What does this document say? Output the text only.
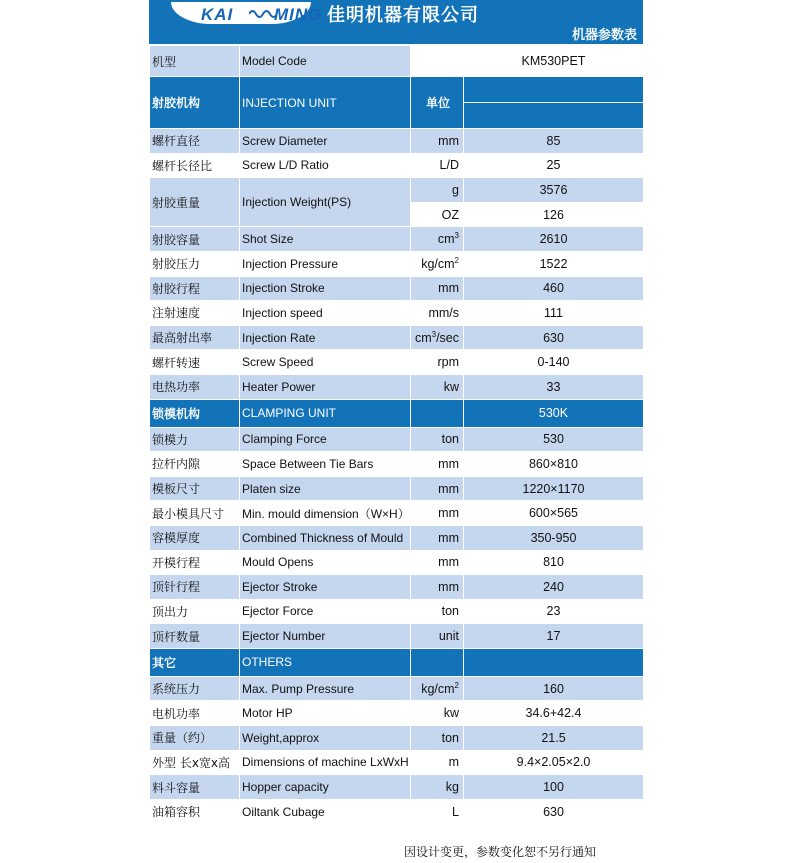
KAI MING 佳明机器有限公司
机器参数表
机型	Model Code		KM530PET
射胶机构	INJECTION UNIT	单位	

螺杆直径	Screw Diameter	mm	85
螺杆长径比	Screw L/D Ratio	L/D	25
射胶重量	Injection Weight(PS)	g	3576
		OZ	126
射胶容量	Shot Size	$cm^3$	2610
射胶压力	Injection Pressure	$kg/cm^2$	1522
射胶行程	Injection Stroke	mm	460
注射速度	Injection speed	mm/s	111
最高射出率	Injection Rate	$cm^3/\sec$	630
螺杆转速	Screw Speed	rpm	0-140
电热功率	Heater Power	kw	33
锁模机构	CLAMPING UNIT		530K
锁模力	Clamping Force	ton	530
拉杆内隙	Space Between Tie Bars	mm	860×810
模板尺寸	Platen size	mm	1220×1170
最小模具尺寸	Min. mould dimension（W×H）	mm	600×565
容模厚度	Combined Thickness of Mould	mm	350-950
开模行程	Mould Opens	mm	810
顶针行程	Ejector Stroke	mm	240
顶出力	Ejector Force	ton	23
顶杆数量	Ejector Number	unit	17
其它	OTHERS		
系统压力	Max. Pump Pressure	$kg/cm^2$	160
电机功率	Motor HP	kw	34.6+42.4
重量（约）	Weight,approx	ton	21.5
外型 长x宽x高	Dimensions of machine LxWxH	m	9.4×2.05×2.0
料斗容量	Hopper capacity	kg	100
油箱容积	Oiltank Cubage	L	630
因设计变更，参数变化恕不另行通知
